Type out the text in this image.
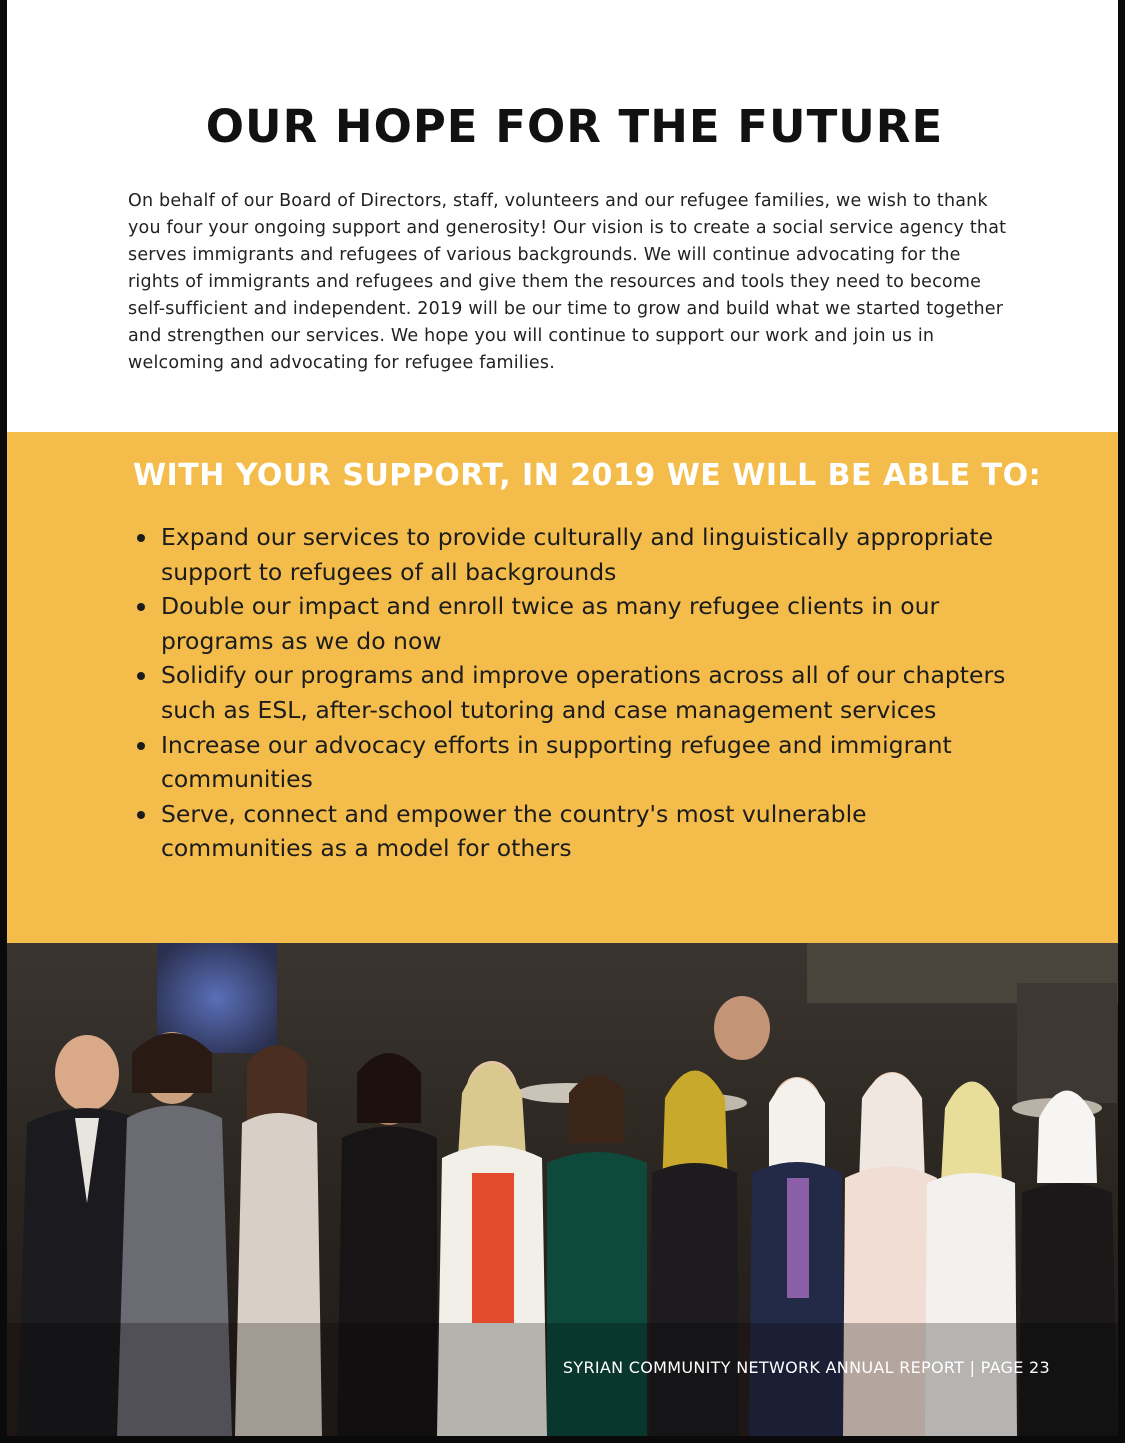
OUR HOPE FOR THE FUTURE

On behalf of our Board of Directors, staff, volunteers and our refugee families, we wish to thank you four your ongoing support and generosity! Our vision is to create a social service agency that serves immigrants and refugees of various backgrounds. We will continue advocating for the rights of immigrants and refugees and give them the resources and tools they need to become self-sufficient and independent. 2019 will be our time to grow and build what we started together and strengthen our services. We hope you will continue to support our work and join us in welcoming and advocating for refugee families.

WITH YOUR SUPPORT, IN 2019 WE WILL BE ABLE TO:
Expand our services to provide culturally and linguistically appropriate support to refugees of all backgrounds
Double our impact and enroll twice as many refugee clients in our programs as we do now
Solidify our programs and improve operations across all of our chapters such as ESL, after-school tutoring and case management services
Increase our advocacy efforts in supporting refugee and immigrant communities
Serve, connect and empower the country's most vulnerable communities as a model for others
SYRIAN COMMUNITY NETWORK ANNUAL REPORT | PAGE 23
